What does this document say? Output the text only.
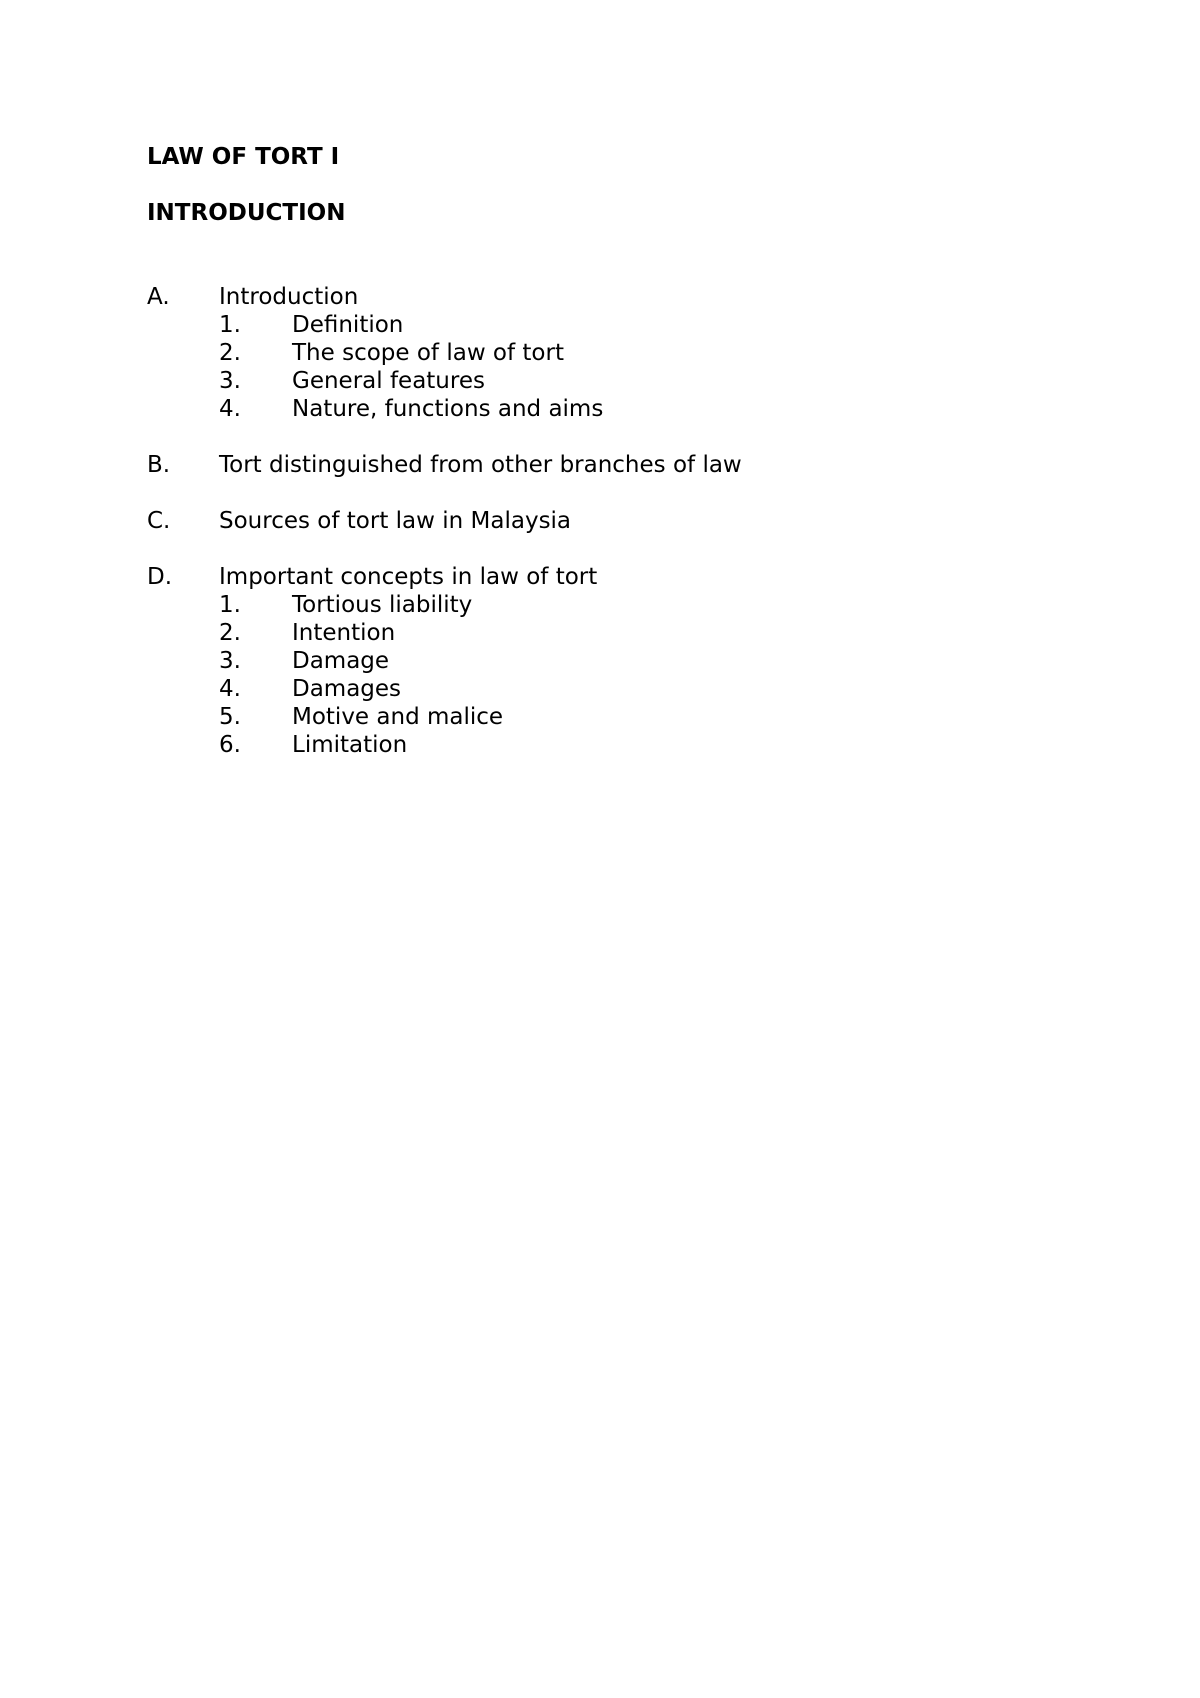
LAW OF TORT I
INTRODUCTION
A.	Introduction
1.	Definition
2.	The scope of law of tort
3.	General features
4.	Nature, functions and aims
B.	Tort distinguished from other branches of law
C.	Sources of tort law in Malaysia
D.	Important concepts in law of tort
1.	Tortious liability
2.	Intention
3.	Damage
4.	Damages
5.	Motive and malice
6.	Limitation
